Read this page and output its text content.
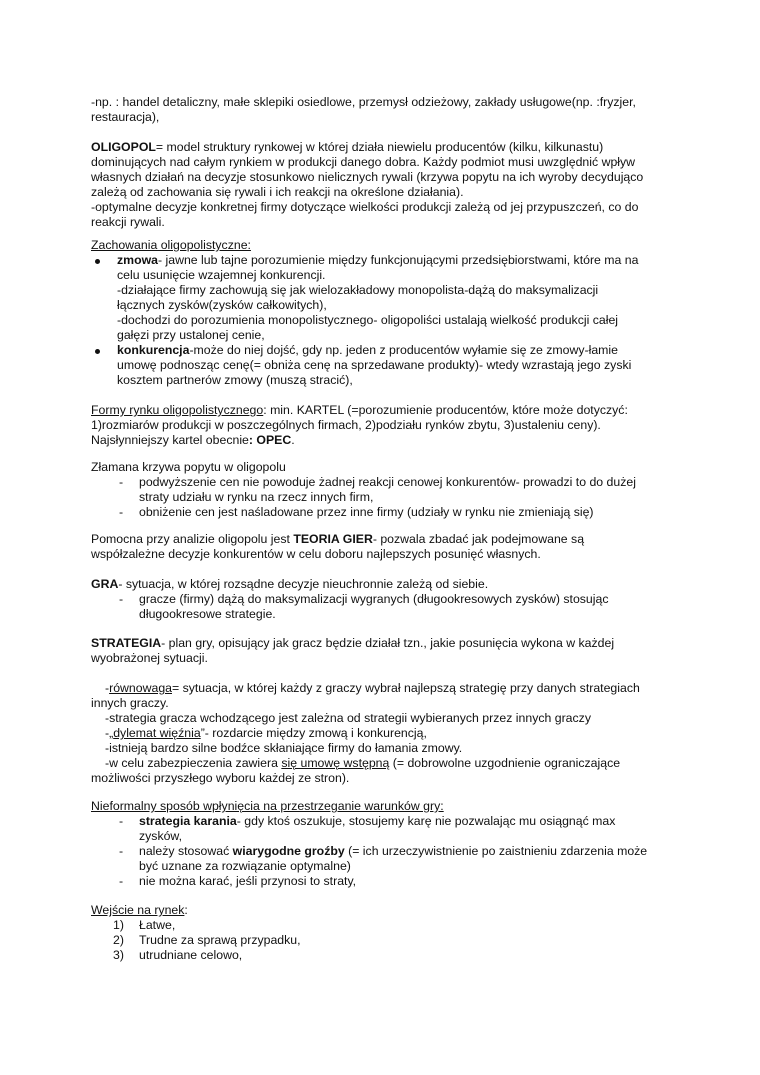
-np. : handel detaliczny, małe sklepiki osiedlowe, przemysł odzieżowy, zakłady usługowe(np. :fryzjer,

restauracja),

OLIGOPOL= model struktury rynkowej w której działa niewielu producentów (kilku, kilkunastu)

dominujących nad całym rynkiem w produkcji danego dobra. Każdy podmiot musi uwzględnić wpływ

własnych działań na decyzje stosunkowo nielicznych rywali (krzywa popytu na ich wyroby decydująco

zależą od zachowania się rywali i ich reakcji na określone działania).

-optymalne decyzje konkretnej firmy dotyczące wielkości produkcji zależą od jej przypuszczeń, co do

reakcji rywali.

Zachowania oligopolistyczne:

zmowa- jawne lub tajne porozumienie między funkcjonującymi przedsiębiorstwami, które ma na

celu usunięcie wzajemnej konkurencji.

-działające firmy zachowują się jak wielozakładowy monopolista-dążą do maksymalizacji

łącznych zysków(zysków całkowitych),

-dochodzi do porozumienia monopolistycznego- oligopoliści ustalają wielkość produkcji całej

gałęzi przy ustalonej cenie,

konkurencja-może do niej dojść, gdy np. jeden z producentów wyłamie się ze zmowy-łamie

umowę podnosząc cenę(= obniża cenę na sprzedawane produkty)- wtedy wzrastają jego zyski

kosztem partnerów zmowy (muszą stracić),

Formy rynku oligopolistycznego: min. KARTEL (=porozumienie producentów, które może dotyczyć:

1)rozmiarów produkcji w poszczególnych firmach, 2)podziału rynków zbytu, 3)ustaleniu ceny).

Najsłynniejszy kartel obecnie: OPEC.

Złamana krzywa popytu w oligopolu

- podwyższenie cen nie powoduje żadnej reakcji cenowej konkurentów- prowadzi to do dużej

straty udziału w rynku na rzecz innych firm,

- obniżenie cen jest naśladowane przez inne firmy (udziały w rynku nie zmieniają się)

Pomocna przy analizie oligopolu jest TEORIA GIER- pozwala zbadać jak podejmowane są

współzależne decyzje konkurentów w celu doboru najlepszych posunięć własnych.

GRA- sytuacja, w której rozsądne decyzje nieuchronnie zależą od siebie.

- gracze (firmy) dążą do maksymalizacji wygranych (długookresowych zysków) stosując

długookresowe strategie.

STRATEGIA- plan gry, opisujący jak gracz będzie działał tzn., jakie posunięcia wykona w każdej

wyobrażonej sytuacji.

-równowaga= sytuacja, w której każdy z graczy wybrał najlepszą strategię przy danych strategiach

innych graczy.

-strategia gracza wchodzącego jest zależna od strategii wybieranych przez innych graczy

-„dylemat więźnia”- rozdarcie między zmową i konkurencją,

-istnieją bardzo silne bodźce skłaniające firmy do łamania zmowy.

-w celu zabezpieczenia zawiera się umowę wstępną (= dobrowolne uzgodnienie ograniczające

możliwości przyszłego wyboru każdej ze stron).

Nieformalny sposób wpłynięcia na przestrzeganie warunków gry:

- strategia karania- gdy ktoś oszukuje, stosujemy karę nie pozwalając mu osiągnąć max

zysków,

- należy stosować wiarygodne groźby (= ich urzeczywistnienie po zaistnieniu zdarzenia może

być uznane za rozwiązanie optymalne)

- nie można karać, jeśli przynosi to straty,

Wejście na rynek:

1) Łatwe,

2) Trudne za sprawą przypadku,

3) utrudniane celowo,
